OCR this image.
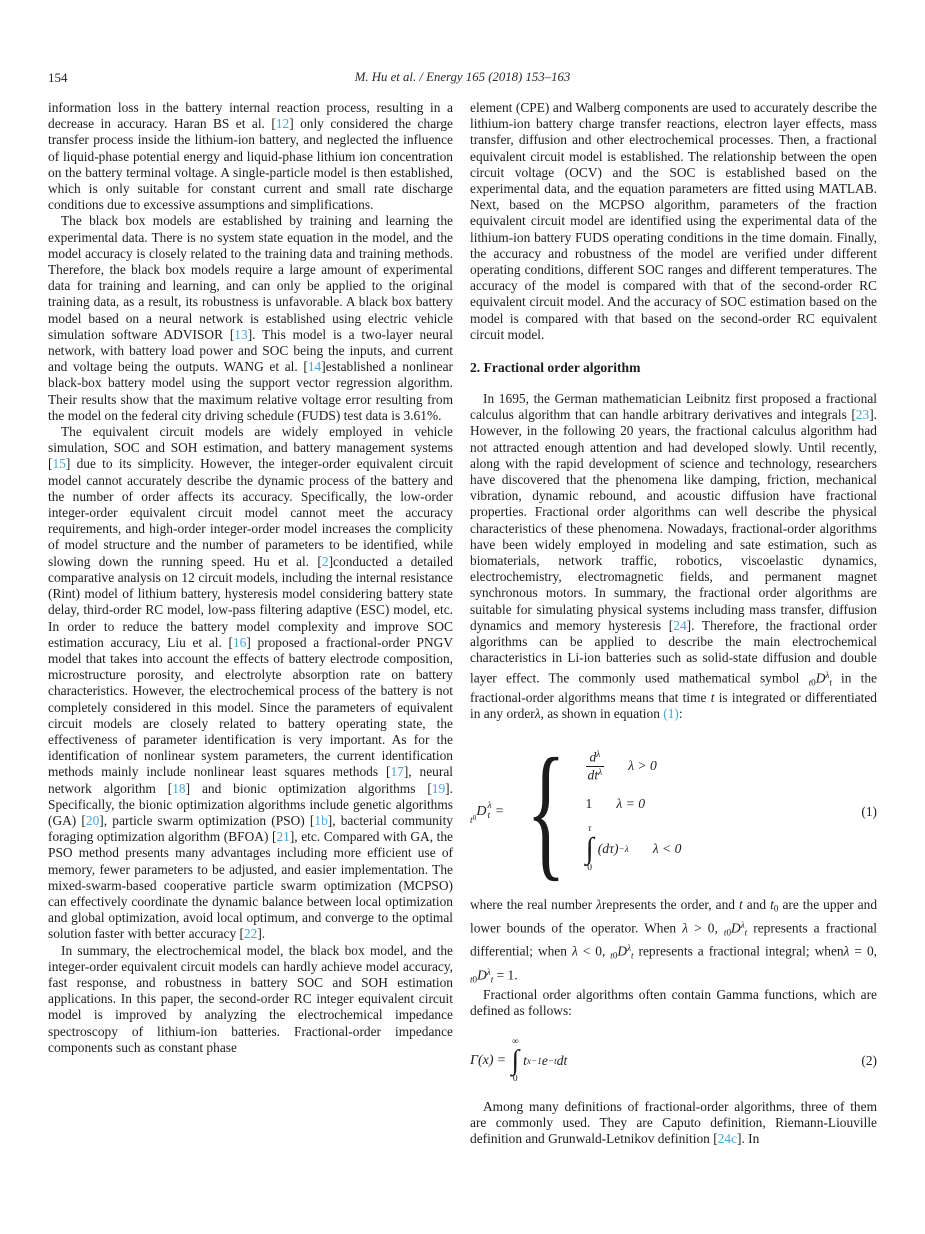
154	M. Hu et al. / Energy 165 (2018) 153–163

information loss in the battery internal reaction process, resulting in a decrease in accuracy. Haran BS et al. [12] only considered the charge transfer process inside the lithium-ion battery, and neglected the influence of liquid-phase potential energy and liquid-phase lithium ion concentration on the battery terminal voltage. A single-particle model is then established, which is only suitable for constant current and small rate discharge conditions due to excessive assumptions and simplifications.

The black box models are established by training and learning the experimental data. There is no system state equation in the model, and the model accuracy is closely related to the training data and training methods. Therefore, the black box models require a large amount of experimental data for training and learning, and can only be applied to the original training data, as a result, its robustness is unfavorable. A black box battery model based on a neural network is established using electric vehicle simulation software ADVISOR [13]. This model is a two-layer neural network, with battery load power and SOC being the inputs, and current and voltage being the outputs. WANG et al. [14]established a nonlinear black-box battery model using the support vector regression algorithm. Their results show that the maximum relative voltage error resulting from the model on the federal city driving schedule (FUDS) test data is 3.61%.

The equivalent circuit models are widely employed in vehicle simulation, SOC and SOH estimation, and battery management systems [15] due to its simplicity. However, the integer-order equivalent circuit model cannot accurately describe the dynamic process of the battery and the number of order affects its accuracy. Specifically, the low-order integer-order equivalent circuit model cannot meet the accuracy requirements, and high-order integer-order model increases the complicity of model structure and the number of parameters to be identified, while slowing down the running speed. Hu et al. [2]conducted a detailed comparative analysis on 12 circuit models, including the internal resistance (Rint) model of lithium battery, hysteresis model considering battery state delay, third-order RC model, low-pass filtering adaptive (ESC) model, etc. In order to reduce the battery model complexity and improve SOC estimation accuracy, Liu et al. [16] proposed a fractional-order PNGV model that takes into account the effects of battery electrode composition, microstructure porosity, and electrolyte absorption rate on battery characteristics. However, the electrochemical process of the battery is not completely considered in this model. Since the parameters of equivalent circuit models are closely related to battery operating state, the effectiveness of parameter identification is very important. As for the identification of nonlinear system parameters, the current identification methods mainly include nonlinear least squares methods [17], neural network algorithm [18] and bionic optimization algorithms [19]. Specifically, the bionic optimization algorithms include genetic algorithms (GA) [20], particle swarm optimization (PSO) [1b], bacterial community foraging optimization algorithm (BFOA) [21], etc. Compared with GA, the PSO method presents many advantages including more efficient use of memory, fewer parameters to be adjusted, and easier implementation. The mixed-swarm-based cooperative particle swarm optimization (MCPSO) can effectively coordinate the dynamic balance between local optimization and global optimization, avoid local optimum, and converge to the optimal solution faster with better accuracy [22].

In summary, the electrochemical model, the black box model, and the integer-order equivalent circuit models can hardly achieve model accuracy, fast response, and robustness in battery SOC and SOH estimation applications. In this paper, the second-order RC integer equivalent circuit model is improved by analyzing the electrochemical impedance spectroscopy of lithium-ion batteries. Fractional-order impedance components such as constant phase

element (CPE) and Walberg components are used to accurately describe the lithium-ion battery charge transfer reactions, electron layer effects, mass transfer, diffusion and other electrochemical processes. Then, a fractional equivalent circuit model is established. The relationship between the open circuit voltage (OCV) and the SOC is established based on the experimental data, and the equation parameters are fitted using MATLAB. Next, based on the MCPSO algorithm, parameters of the fraction equivalent circuit model are identified using the experimental data of the lithium-ion battery FUDS operating conditions in the time domain. Finally, the accuracy and robustness of the model are verified under different operating conditions, different SOC ranges and different temperatures. The accuracy of the model is compared with that of the second-order RC equivalent circuit model. And the accuracy of SOC estimation based on the model is compared with that based on the second-order RC equivalent circuit model.

2. Fractional order algorithm

In 1695, the German mathematician Leibnitz first proposed a fractional calculus algorithm that can handle arbitrary derivatives and integrals [23]. However, in the following 20 years, the fractional calculus algorithm had not attracted enough attention and had developed slowly. Until recently, along with the rapid development of science and technology, researchers have discovered that the phenomena like damping, friction, mechanical vibration, dynamic rebound, and acoustic diffusion have fractional properties. Fractional order algorithms can well describe the physical characteristics of these phenomena. Nowadays, fractional-order algorithms have been widely employed in modeling and sate estimation, such as biomaterials, network traffic, robotics, viscoelastic dynamics, electrochemistry, electromagnetic fields, and permanent magnet synchronous motors. In summary, the fractional order algorithms are suitable for simulating physical systems including mass transfer, diffusion dynamics and memory hysteresis [24]. Therefore, the fractional order algorithms can be applied to describe the main electrochemical characteristics in Li-ion batteries such as solid-state diffusion and double layer effect. The commonly used mathematical symbol $_{t0}D^\lambda_t$ in the fractional-order algorithms means that time t is integrated or differentiated in any orderλ, as shown in equation (1):

t 0 D λ
t = { $\frac{d^\lambda}{dt^\lambda}$ λ > 0
1 λ = 0
τ
∫
0
(dτ) −λ λ < 0
(1)

where the real number λrepresents the order, and t and $t_0$ are the upper and lower bounds of the operator. When λ > 0, $_{t0}D^\lambda_t$ represents a fractional differential; when λ < 0, $_{t0}D^\lambda_t$ represents a fractional integral; whenλ = 0, $_{t0}D^\lambda_t = 1$.

Fractional order algorithms often contain Gamma functions, which are defined as follows:

Γ(x) =
∞
∫
0
t x−1 e −t dt	(2)

Among many definitions of fractional-order algorithms, three of them are commonly used. They are Caputo definition, Riemann-Liouville definition and Grunwald-Letnikov definition [24c]. In
